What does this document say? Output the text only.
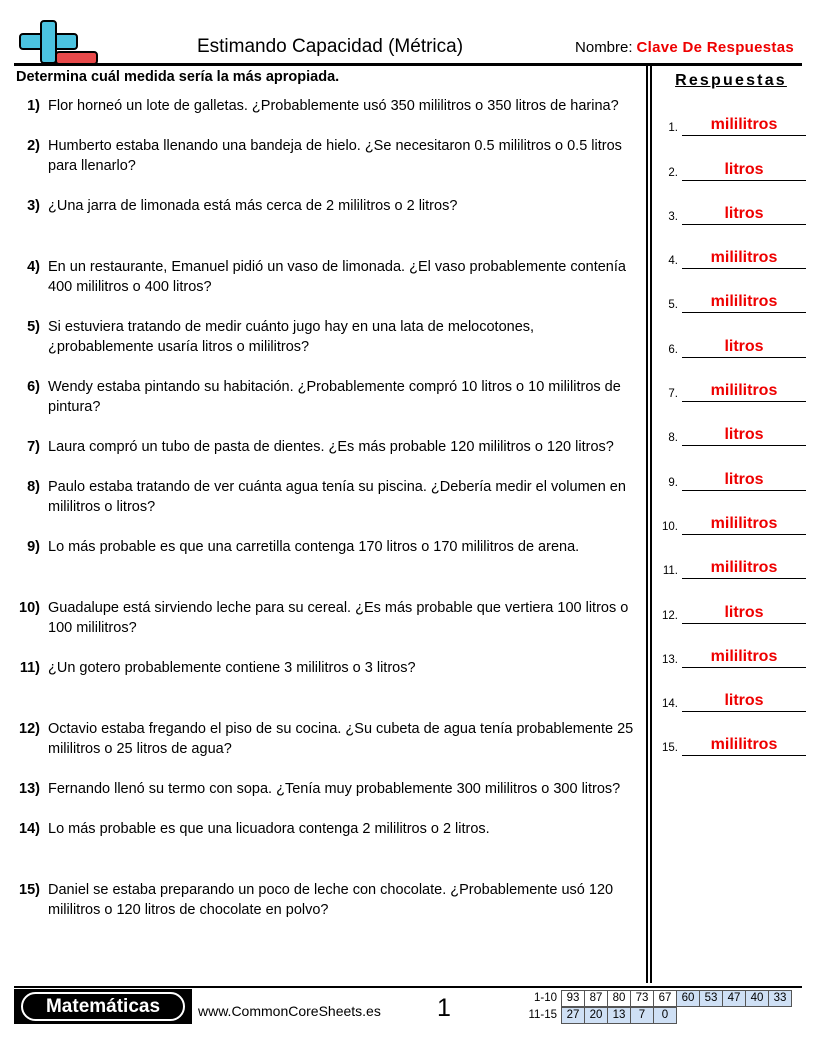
Estimando Capacidad (Métrica)	Nombre: Clave De Respuestas
Determina cuál medida sería la más apropiada.
1) Flor horneó un lote de galletas. ¿Probablemente usó 350 mililitros o 350 litros de harina?
2) Humberto estaba llenando una bandeja de hielo. ¿Se necesitaron 0.5 mililitros o 0.5 litros para llenarlo?
3) ¿Una jarra de limonada está más cerca de 2 mililitros o 2 litros?
4) En un restaurante, Emanuel pidió un vaso de limonada. ¿El vaso probablemente contenía 400 mililitros o 400 litros?
5) Si estuviera tratando de medir cuánto jugo hay en una lata de melocotones, ¿probablemente usaría litros o mililitros?
6) Wendy estaba pintando su habitación. ¿Probablemente compró 10 litros o 10 mililitros de pintura?
7) Laura compró un tubo de pasta de dientes. ¿Es más probable 120 mililitros o 120 litros?
8) Paulo estaba tratando de ver cuánta agua tenía su piscina. ¿Debería medir el volumen en mililitros o litros?
9) Lo más probable es que una carretilla contenga 170 litros o 170 mililitros de arena.
10) Guadalupe está sirviendo leche para su cereal. ¿Es más probable que vertiera 100 litros o 100 mililitros?
11) ¿Un gotero probablemente contiene 3 mililitros o 3 litros?
12) Octavio estaba fregando el piso de su cocina. ¿Su cubeta de agua tenía probablemente 25 mililitros o 25 litros de agua?
13) Fernando llenó su termo con sopa. ¿Tenía muy probablemente 300 mililitros o 300 litros?
14) Lo más probable es que una licuadora contenga 2 mililitros o 2 litros.
15) Daniel se estaba preparando un poco de leche con chocolate. ¿Probablemente usó 120 mililitros o 120 litros de chocolate en polvo?
Respuestas
1.	mililitros
2.	litros
3.	litros
4.	mililitros
5.	mililitros
6.	litros
7.	mililitros
8.	litros
9.	litros
10.	mililitros
11.	mililitros
12.	litros
13.	mililitros
14.	litros
15.	mililitros
Matemáticas	www.CommonCoreSheets.es	1	1-10 93 87 80 73 67 60 53 47 40 33
11-15 27 20 13	7	0
